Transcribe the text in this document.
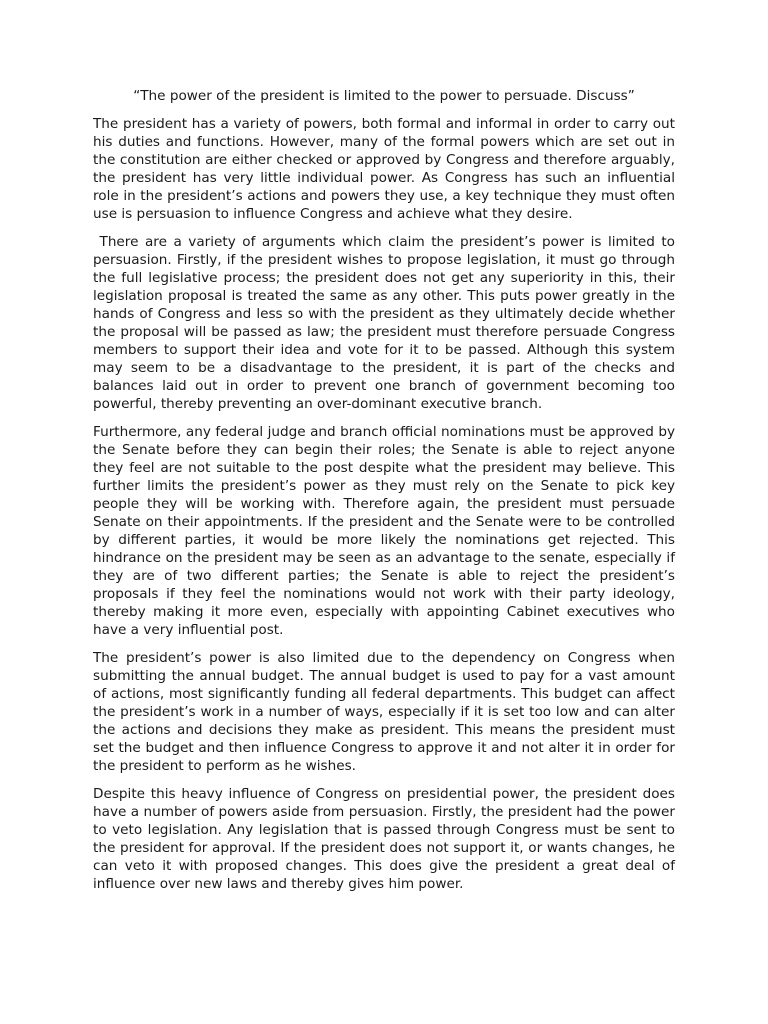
“The power of the president is limited to the power to persuade. Discuss”

The president has a variety of powers, both formal and informal in order to carry out his duties and functions. However, many of the formal powers which are set out in the constitution are either checked or approved by Congress and therefore arguably, the president has very little individual power. As Congress has such an influential role in the president’s actions and powers they use, a key technique they must often use is persuasion to influence Congress and achieve what they desire.

There are a variety of arguments which claim the president’s power is limited to persuasion. Firstly, if the president wishes to propose legislation, it must go through the full legislative process; the president does not get any superiority in this, their legislation proposal is treated the same as any other. This puts power greatly in the hands of Congress and less so with the president as they ultimately decide whether the proposal will be passed as law; the president must therefore persuade Congress members to support their idea and vote for it to be passed. Although this system may seem to be a disadvantage to the president, it is part of the checks and balances laid out in order to prevent one branch of government becoming too powerful, thereby preventing an over-dominant executive branch.

Furthermore, any federal judge and branch official nominations must be approved by the Senate before they can begin their roles; the Senate is able to reject anyone they feel are not suitable to the post despite what the president may believe. This further limits the president’s power as they must rely on the Senate to pick key people they will be working with. Therefore again, the president must persuade Senate on their appointments. If the president and the Senate were to be controlled by different parties, it would be more likely the nominations get rejected. This hindrance on the president may be seen as an advantage to the senate, especially if they are of two different parties; the Senate is able to reject the president’s proposals if they feel the nominations would not work with their party ideology, thereby making it more even, especially with appointing Cabinet executives who have a very influential post.

The president’s power is also limited due to the dependency on Congress when submitting the annual budget. The annual budget is used to pay for a vast amount of actions, most significantly funding all federal departments. This budget can affect the president’s work in a number of ways, especially if it is set too low and can alter the actions and decisions they make as president. This means the president must set the budget and then influence Congress to approve it and not alter it in order for the president to perform as he wishes.

Despite this heavy influence of Congress on presidential power, the president does have a number of powers aside from persuasion. Firstly, the president had the power to veto legislation. Any legislation that is passed through Congress must be sent to the president for approval. If the president does not support it, or wants changes, he can veto it with proposed changes. This does give the president a great deal of influence over new laws and thereby gives him power.
